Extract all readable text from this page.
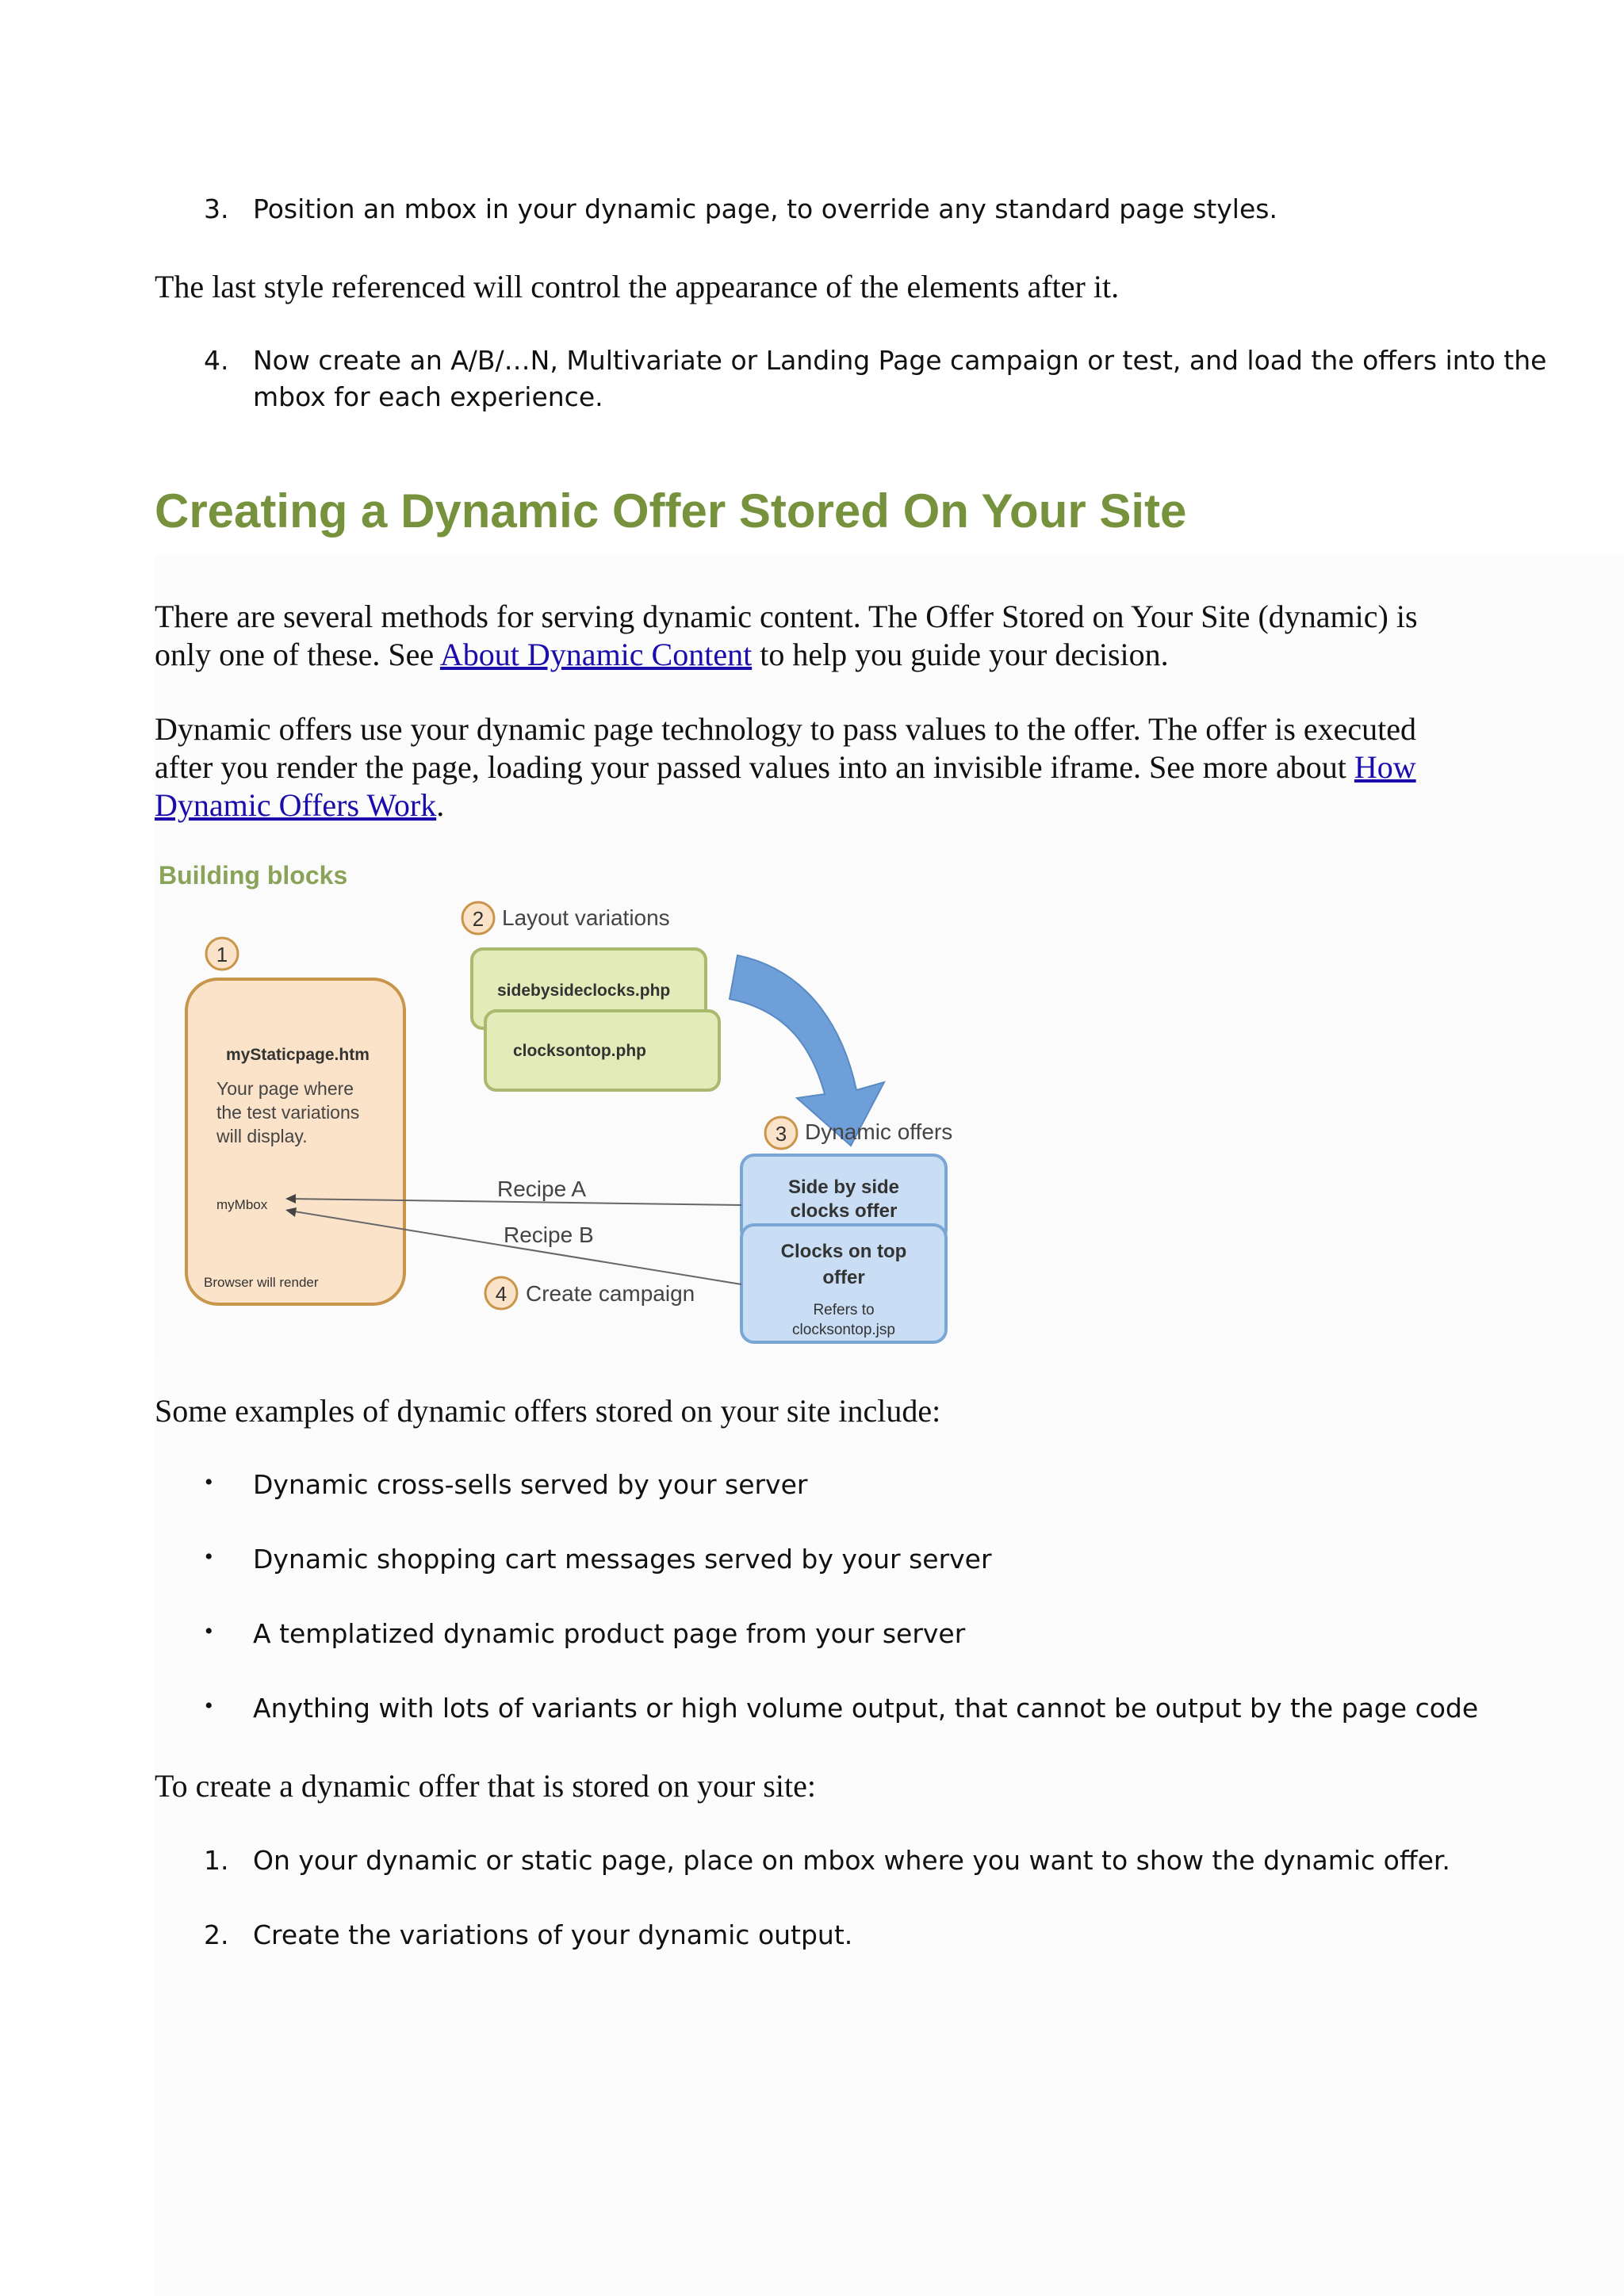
3. Position an mbox in your dynamic page, to override any standard page styles.
The last style referenced will control the appearance of the elements after it.
4. Now create an A/B/…N, Multivariate or Landing Page campaign or test, and load the offers into the
mbox for each experience.
Creating a Dynamic Offer Stored On Your Site
There are several methods for serving dynamic content. The Offer Stored on Your Site (dynamic) is
only one of these. See About Dynamic Content to help you guide your decision.
Dynamic offers use your dynamic page technology to pass values to the offer. The offer is executed
after you render the page, loading your passed values into an invisible iframe. See more about How
Dynamic Offers Work.
Building blocks
1
myStaticpage.htm
Your page where
the test variations
will display.
myMbox
Browser will render
2 Layout variations
sidebysideclocks.php
clocksontop.php
3 Dynamic offers
Side by side
clocks offer
Clocks on top
offer
Refers to
clocksontop.jsp
Recipe A
Recipe B
4 Create campaign
Some examples of dynamic offers stored on your site include:
• Dynamic cross-sells served by your server
• Dynamic shopping cart messages served by your server
• A templatized dynamic product page from your server
• Anything with lots of variants or high volume output, that cannot be output by the page code
To create a dynamic offer that is stored on your site:
1. On your dynamic or static page, place on mbox where you want to show the dynamic offer.
2. Create the variations of your dynamic output.
